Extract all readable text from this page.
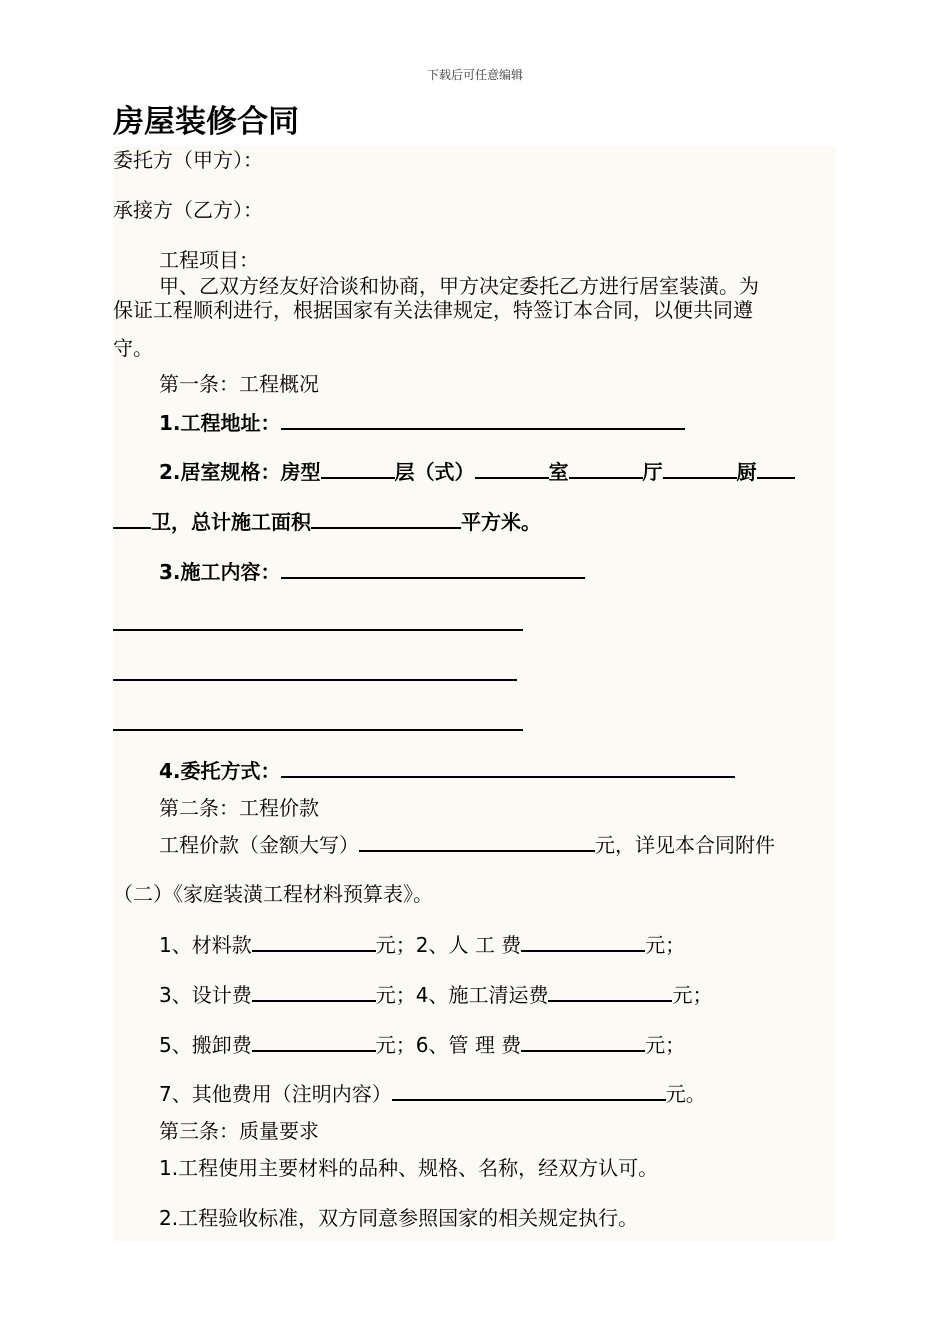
下载后可任意编辑
房屋装修合同
委托方（甲方）：
承接方（乙方）：
工程项目：
甲、乙双方经友好洽谈和协商，甲方决定委托乙方进行居室装潢。为
保证工程顺利进行，根据国家有关法律规定，特签订本合同，以便共同遵
守。
第一条：工程概况
1.工程地址：
2.居室规格：房型	层（式）	室	厅	厨
卫，总计施工面积	平方米。
3.施工内容：
4.委托方式：
第二条：工程价款
工程价款（金额大写）	元，详见本合同附件
（二）《家庭装潢工程材料预算表》。
1、材料款	元；2、人 工 费	元；
3、设计费	元；4、施工清运费	元；
5、搬卸费	元；6、管 理 费	元；
7、其他费用（注明内容）	元。
第三条：质量要求
1.工程使用主要材料的品种、规格、名称，经双方认可。
2.工程验收标准，双方同意参照国家的相关规定执行。
